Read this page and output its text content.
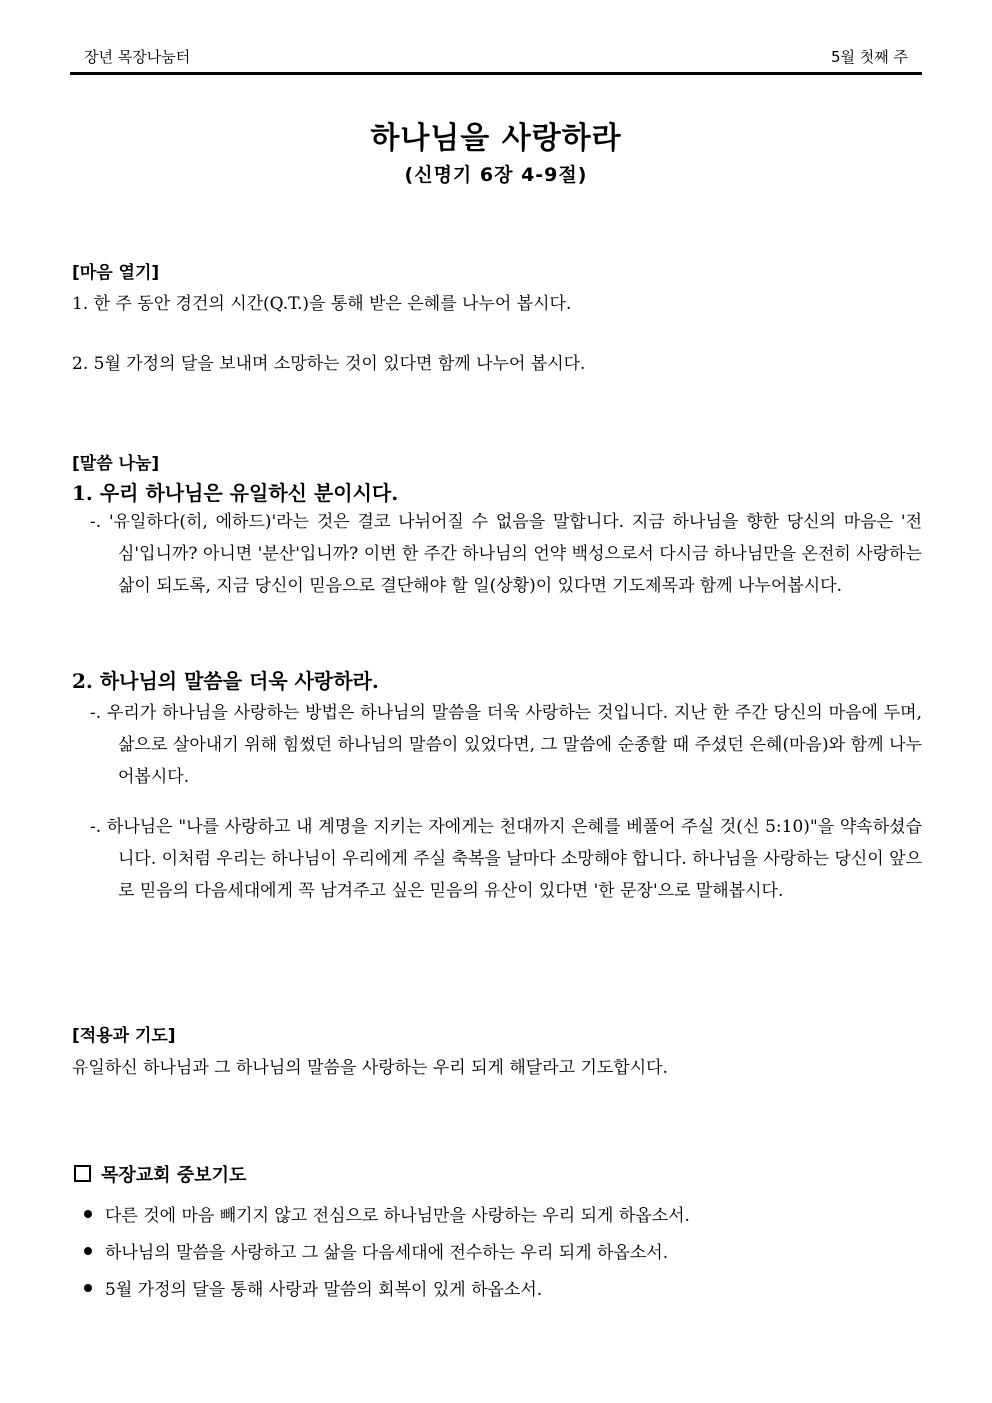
장년 목장나눔터	5월 첫째 주
하나님을 사랑하라
(신명기 6장 4-9절)
[마음 열기]
1. 한 주 동안 경건의 시간(Q.T.)을 통해 받은 은혜를 나누어 봅시다.
2. 5월 가정의 달을 보내며 소망하는 것이 있다면 함께 나누어 봅시다.
[말씀 나눔]
1. 우리 하나님은 유일하신 분이시다.
-. '유일하다(히, 에하드)'라는 것은 결코 나뉘어질 수 없음을 말합니다. 지금 하나님을 향한 당신의 마음은 '전심'입니까? 아니면 '분산'입니까? 이번 한 주간 하나님의 언약 백성으로서 다시금 하나님만을 온전히 사랑하는 삶이 되도록, 지금 당신이 믿음으로 결단해야 할 일(상황)이 있다면 기도제목과 함께 나누어봅시다.
2. 하나님의 말씀을 더욱 사랑하라.
-. 우리가 하나님을 사랑하는 방법은 하나님의 말씀을 더욱 사랑하는 것입니다. 지난 한 주간 당신의 마음에 두며, 삶으로 살아내기 위해 힘썼던 하나님의 말씀이 있었다면, 그 말씀에 순종할 때 주셨던 은혜(마음)와 함께 나누어봅시다.
-. 하나님은 "나를 사랑하고 내 계명을 지키는 자에게는 천대까지 은혜를 베풀어 주실 것(신 5:10)"을 약속하셨습니다. 이처럼 우리는 하나님이 우리에게 주실 축복을 날마다 소망해야 합니다. 하나님을 사랑하는 당신이 앞으로 믿음의 다음세대에게 꼭 남겨주고 싶은 믿음의 유산이 있다면 '한 문장'으로 말해봅시다.
[적용과 기도]
유일하신 하나님과 그 하나님의 말씀을 사랑하는 우리 되게 해달라고 기도합시다.
목장교회 중보기도
다른 것에 마음 빼기지 않고 전심으로 하나님만을 사랑하는 우리 되게 하옵소서.
하나님의 말씀을 사랑하고 그 삶을 다음세대에 전수하는 우리 되게 하옵소서.
5월 가정의 달을 통해 사랑과 말씀의 회복이 있게 하옵소서.
